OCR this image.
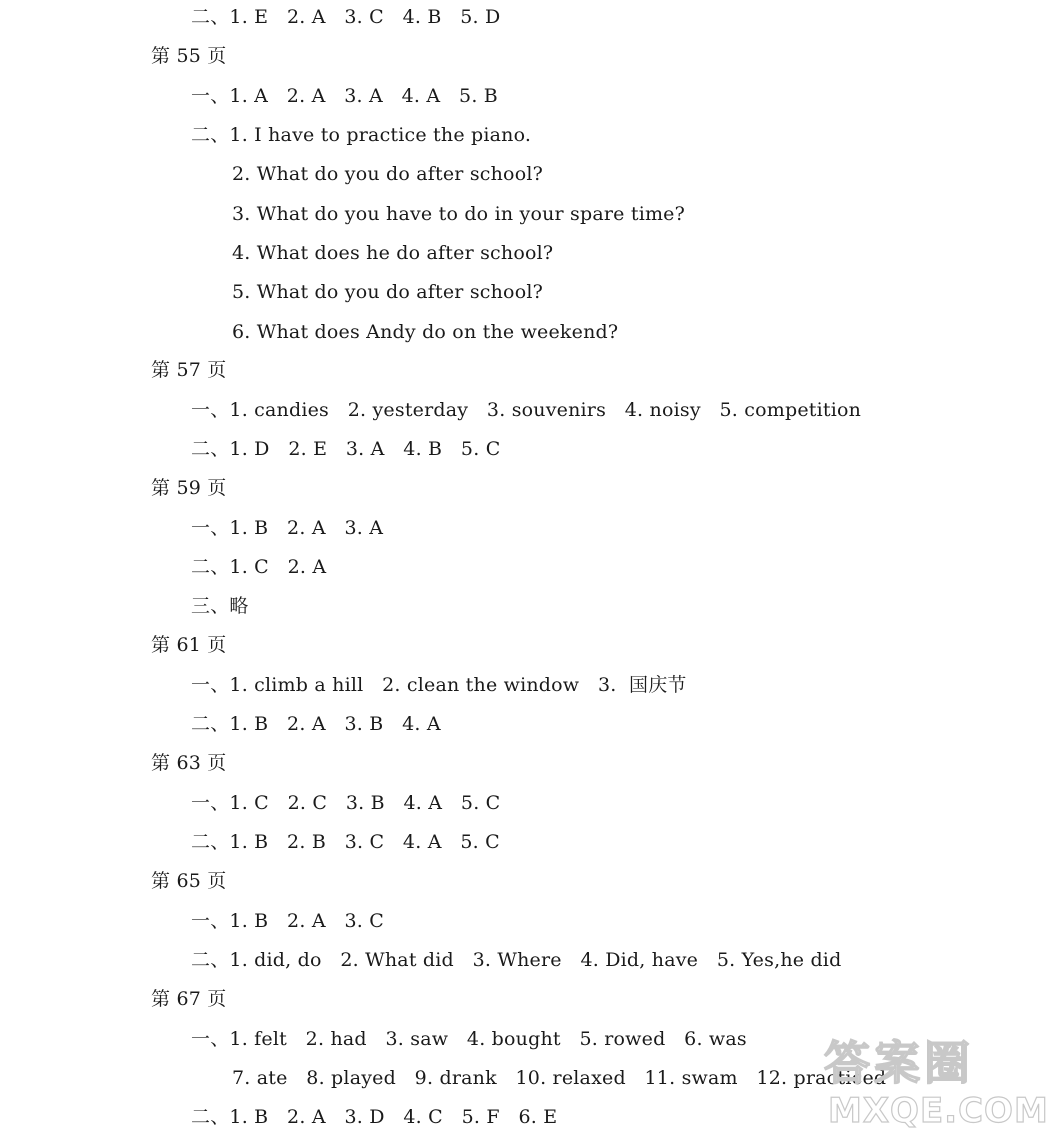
二、1. E   2. A   3. C   4. B   5. D
第 55 页
一、1. A   2. A   3. A   4. A   5. B
二、1. I have to practice the piano.
2. What do you do after school?
3. What do you have to do in your spare time?
4. What does he do after school?
5. What do you do after school?
6. What does Andy do on the weekend?
第 57 页
一、1. candies   2. yesterday   3. souvenirs   4. noisy   5. competition
二、1. D   2. E   3. A   4. B   5. C
第 59 页
一、1. B   2. A   3. A
二、1. C   2. A
三、略
第 61 页
一、1. climb a hill   2. clean the window   3.  国庆节
二、1. B   2. A   3. B   4. A
第 63 页
一、1. C   2. C   3. B   4. A   5. C
二、1. B   2. B   3. C   4. A   5. C
第 65 页
一、1. B   2. A   3. C
二、1. did, do   2. What did   3. Where   4. Did, have   5. Yes,he did
第 67 页
一、1. felt   2. had   3. saw   4. bought   5. rowed   6. was
7. ate   8. played   9. drank   10. relaxed   11. swam   12. practiced
二、1. B   2. A   3. D   4. C   5. F   6. E
答案圈
MXQE.COM
